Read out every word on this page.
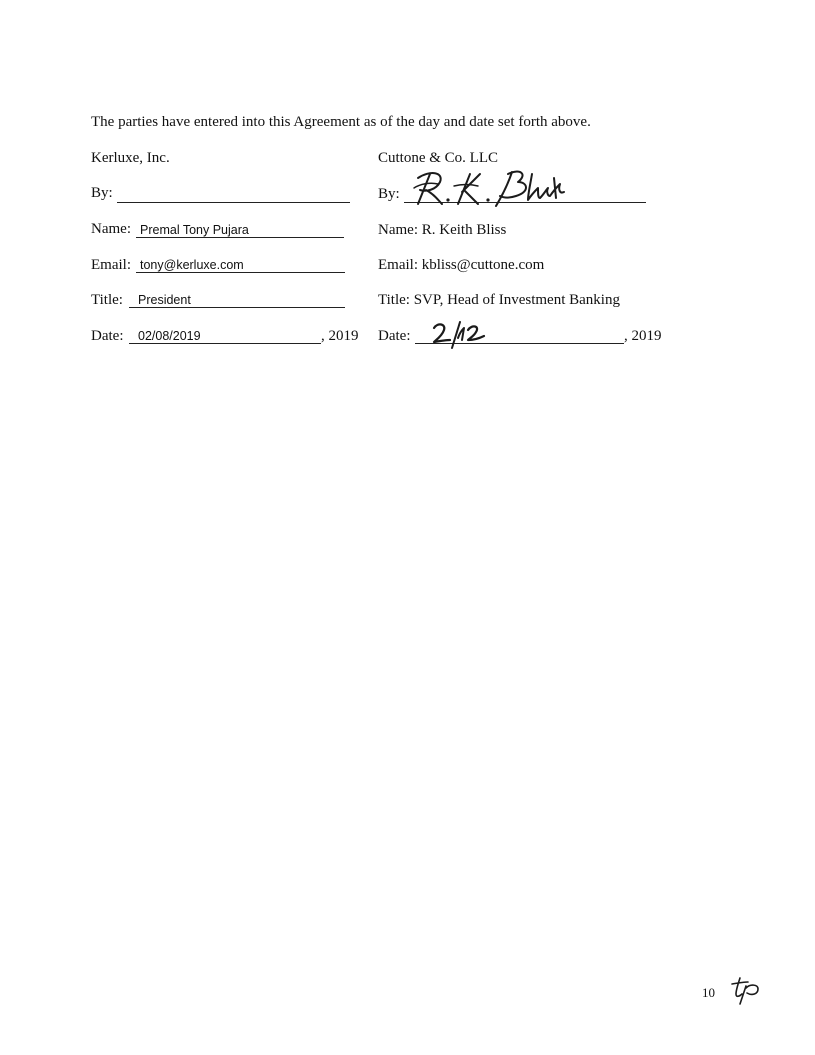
The parties have entered into this Agreement as of the day and date set forth above.
Kerluxe, Inc.
By:
Name: Premal Tony Pujara
Email: tony@kerluxe.com
Title: President
Date: 02/08/2019	, 2019
Cuttone & Co. LLC
By:
Name: R. Keith Bliss
Email: kbliss@cuttone.com
Title: SVP, Head of Investment Banking
Date:	, 2019
10
